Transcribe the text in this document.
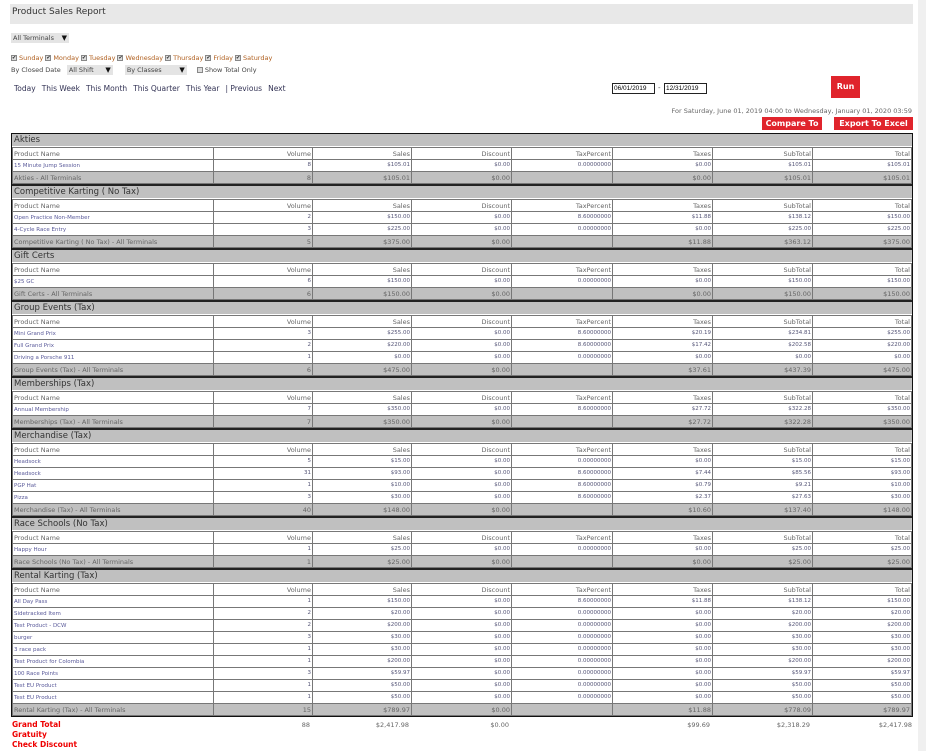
Product Sales Report
All Terminals ▼
✔ Sunday ✔ Monday ✔ Tuesday ✔ Wednesday ✔ Thursday ✔ Friday ✔ Saturday
By Closed Date All Shift ▼ By Classes	▼	Show Total Only
Today This Week This Month This Quarter This Year | Previous Next
06/01/2019	-
12/31/2019	Run
For Saturday, June 01, 2019 04:00 to Wednesday, January 01, 2020 03:59
Compare To	Export To Excel
Akties
Product Name	Volume	Sales	Discount	TaxPercent	Taxes	SubTotal	Total
15 Minute Jump Session	8	$105.01	$0.00	0.00000000	$0.00	$105.01	$105.01
Akties - All Terminals	8	$105.01	$0.00		$0.00	$105.01	$105.01
Competitive Karting ( No Tax)
Product Name	Volume	Sales	Discount	TaxPercent	Taxes	SubTotal	Total
Open Practice Non-Member	2	$150.00	$0.00	8.60000000	$11.88	$138.12	$150.00
4-Cycle Race Entry	3	$225.00	$0.00	0.00000000	$0.00	$225.00	$225.00
Competitive Karting ( No Tax) - All Terminals	5	$375.00	$0.00		$11.88	$363.12	$375.00
Gift Certs
Product Name	Volume	Sales	Discount	TaxPercent	Taxes	SubTotal	Total
$25 GC	6	$150.00	$0.00	0.00000000	$0.00	$150.00	$150.00
Gift Certs - All Terminals	6	$150.00	$0.00		$0.00	$150.00	$150.00
Group Events (Tax)
Product Name	Volume	Sales	Discount	TaxPercent	Taxes	SubTotal	Total
Mini Grand Prix	3	$255.00	$0.00	8.60000000	$20.19	$234.81	$255.00
Full Grand Prix	2	$220.00	$0.00	8.60000000	$17.42	$202.58	$220.00
Driving a Porsche 911	1	$0.00	$0.00	0.00000000	$0.00	$0.00	$0.00
Group Events (Tax) - All Terminals	6	$475.00	$0.00		$37.61	$437.39	$475.00
Memberships (Tax)
Product Name	Volume	Sales	Discount	TaxPercent	Taxes	SubTotal	Total
Annual Membership	7	$350.00	$0.00	8.60000000	$27.72	$322.28	$350.00
Memberships (Tax) - All Terminals	7	$350.00	$0.00		$27.72	$322.28	$350.00
Merchandise (Tax)
Product Name	Volume	Sales	Discount	TaxPercent	Taxes	SubTotal	Total
Headsock	5	$15.00	$0.00	0.00000000	$0.00	$15.00	$15.00
Headsock	31	$93.00	$0.00	8.60000000	$7.44	$85.56	$93.00
PGP Hat	1	$10.00	$0.00	8.60000000	$0.79	$9.21	$10.00
Pizza	3	$30.00	$0.00	8.60000000	$2.37	$27.63	$30.00
Merchandise (Tax) - All Terminals	40	$148.00	$0.00		$10.60	$137.40	$148.00
Race Schools (No Tax)
Product Name	Volume	Sales	Discount	TaxPercent	Taxes	SubTotal	Total
Happy Hour	1	$25.00	$0.00	0.00000000	$0.00	$25.00	$25.00
Race Schools (No Tax) - All Terminals	1	$25.00	$0.00		$0.00	$25.00	$25.00
Rental Karting (Tax)
Product Name	Volume	Sales	Discount	TaxPercent	Taxes	SubTotal	Total
All Day Pass	1	$150.00	$0.00	8.60000000	$11.88	$138.12	$150.00
Sidetracked Item	2	$20.00	$0.00	0.00000000	$0.00	$20.00	$20.00
Test Product - DCW	2	$200.00	$0.00	0.00000000	$0.00	$200.00	$200.00
burger	3	$30.00	$0.00	0.00000000	$0.00	$30.00	$30.00
3 race pack	1	$30.00	$0.00	0.00000000	$0.00	$30.00	$30.00
Test Product for Colombia	1	$200.00	$0.00	0.00000000	$0.00	$200.00	$200.00
100 Race Points	3	$59.97	$0.00	0.00000000	$0.00	$59.97	$59.97
Test EU Product	1	$50.00	$0.00	0.00000000	$0.00	$50.00	$50.00
Test EU Product	1	$50.00	$0.00	0.00000000	$0.00	$50.00	$50.00
Rental Karting (Tax) - All Terminals	15	$789.97	$0.00		$11.88	$778.09	$789.97
Grand Total	88	$2,417.98	$0.00		$99.69	$2,318.29	$2,417.98
Gratuity							
Check Discount							
